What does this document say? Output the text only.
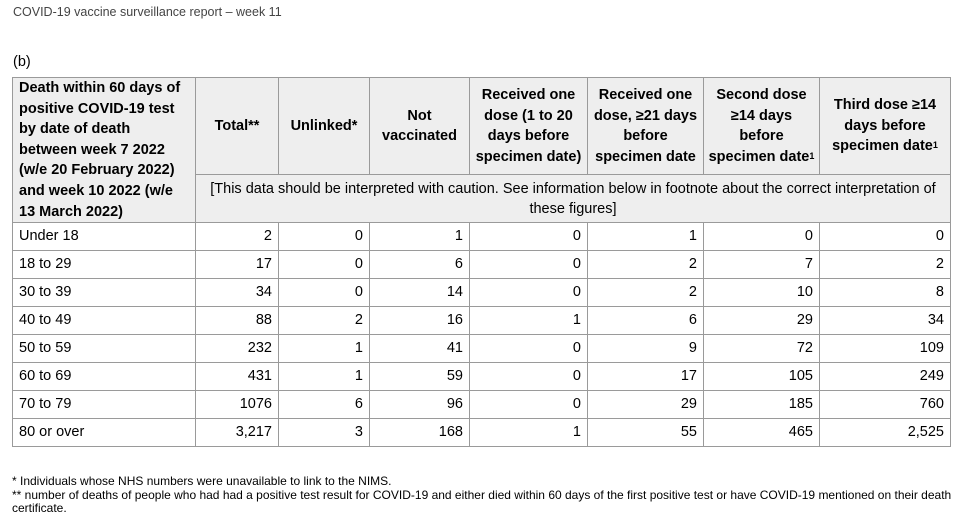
COVID-19 vaccine surveillance report – week 11
(b)
Death within 60 days of positive COVID-19 test by date of death between week 7 2022 (w/e 20 February 2022) and week 10 2022 (w/e 13 March 2022)	Total**	Unlinked*	Not vaccinated	Received one dose (1 to 20 days before specimen date)	Received one dose, ≥21 days before specimen date	Second dose ≥14 days before specimen date$^1$	Third dose ≥14 days before specimen date$^1$
	[This data should be interpreted with caution. See information below in footnote about the correct interpretation of these figures]						
Under 18	2	0	1	0	1	0	0
18 to 29	17	0	6	0	2	7	2
30 to 39	34	0	14	0	2	10	8
40 to 49	88	2	16	1	6	29	34
50 to 59	232	1	41	0	9	72	109
60 to 69	431	1	59	0	17	105	249
70 to 79	1076	6	96	0	29	185	760
80 or over	3,217	3	168	1	55	465	2,525
* Individuals whose NHS numbers were unavailable to link to the NIMS.
** number of deaths of people who had had a positive test result for COVID-19 and either died within 60 days of the first positive test or have COVID-19 mentioned on their death certificate.
